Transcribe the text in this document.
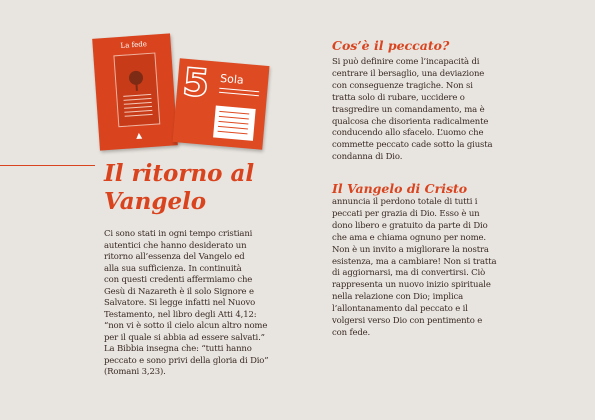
La fede
5 Sola
Il ritorno al
Vangelo
Ci sono stati in ogni tempo cristiani
autentici che hanno desiderato un
ritorno all’essenza del Vangelo ed
alla sua sufficienza. In continuità
con questi credenti affermiamo che
Gesù di Nazareth è il solo Signore e
Salvatore. Si legge infatti nel Nuovo
Testamento, nel libro degli Atti 4,12:
“non vi è sotto il cielo alcun altro nome
per il quale si abbia ad essere salvati.”
La Bibbia insegna che: “tutti hanno
peccato e sono privi della gloria di Dio”
(Romani 3,23).
Cos’è il peccato?
Si può definire come l’incapacità di
centrare il bersaglio, una deviazione
con conseguenze tragiche. Non si
tratta solo di rubare, uccidere o
trasgredire un comandamento, ma è
qualcosa che disorienta radicalmente
conducendo allo sfacelo. L’uomo che
commette peccato cade sotto la giusta
condanna di Dio.
Il Vangelo di Cristo
annuncia il perdono totale di tutti i
peccati per grazia di Dio. Esso è un
dono libero e gratuito da parte di Dio
che ama e chiama ognuno per nome.
Non è un invito a migliorare la nostra
esistenza, ma a cambiare! Non si tratta
di aggiornarsi, ma di convertirsi. Ciò
rappresenta un nuovo inizio spirituale
nella relazione con Dio; implica
l’allontanamento dal peccato e il
volgersi verso Dio con pentimento e
con fede.
